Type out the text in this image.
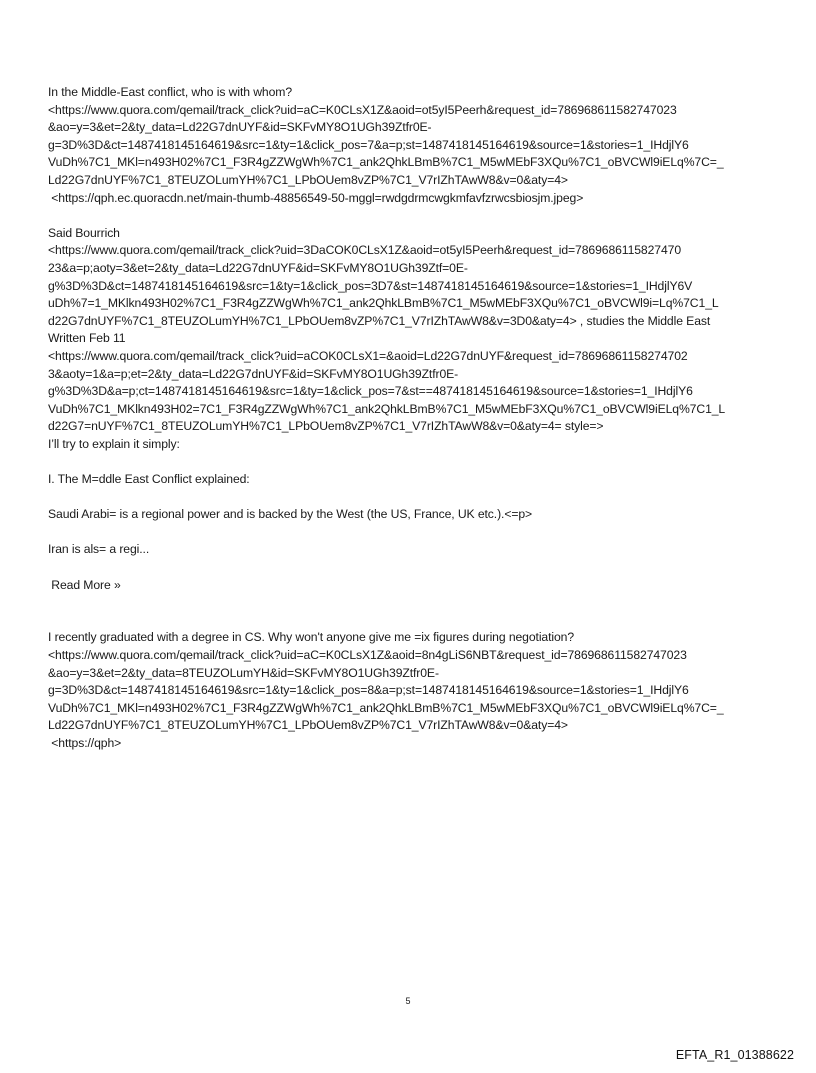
In the Middle-East conflict, who is with whom?
<https://www.quora.com/qemail/track_click?uid=aC=K0CLsX1Z&aoid=ot5yI5Peerh&request_id=786968611582747023
&ao=y=3&et=2&ty_data=Ld22G7dnUYF&id=SKFvMY8O1UGh39Ztfr0E-
g=3D%3D&ct=1487418145164619&src=1&ty=1&click_pos=7&a=p;st=1487418145164619&source=1&stories=1_IHdjlY6
VuDh%7C1_MKl=n493H02%7C1_F3R4gZZWgWh%7C1_ank2QhkLBmB%7C1_M5wMEbF3XQu%7C1_oBVCWl9iELq%7C=_
Ld22G7dnUYF%7C1_8TEUZOLumYH%7C1_LPbOUem8vZP%7C1_V7rIZhTAwW8&v=0&aty=4>
<https://qph.ec.quoracdn.net/main-thumb-48856549-50-mggl=rwdgdrmcwgkmfavfzrwcsbiosjm.jpeg>
Said Bourrich
<https://www.quora.com/qemail/track_click?uid=3DaCOK0CLsX1Z&aoid=ot5yI5Peerh&request_id=7869686115827470
23&a=p;aoty=3&et=2&ty_data=Ld22G7dnUYF&id=SKFvMY8O1UGh39Ztf=0E-
g%3D%3D&ct=1487418145164619&src=1&ty=1&click_pos=3D7&st=1487418145164619&source=1&stories=1_IHdjlY6V
uDh%7=1_MKlkn493H02%7C1_F3R4gZZWgWh%7C1_ank2QhkLBmB%7C1_M5wMEbF3XQu%7C1_oBVCWl9i=Lq%7C1_L
d22G7dnUYF%7C1_8TEUZOLumYH%7C1_LPbOUem8vZP%7C1_V7rIZhTAwW8&v=3D0&aty=4> , studies the Middle East
Written Feb 11
<https://www.quora.com/qemail/track_click?uid=aCOK0CLsX1=&aoid=Ld22G7dnUYF&request_id=78696861158274702
3&aoty=1&a=p;et=2&ty_data=Ld22G7dnUYF&id=SKFvMY8O1UGh39Ztfr0E-
g%3D%3D&a=p;ct=1487418145164619&src=1&ty=1&click_pos=7&st==487418145164619&source=1&stories=1_IHdjlY6
VuDh%7C1_MKlkn493H02=7C1_F3R4gZZWgWh%7C1_ank2QhkLBmB%7C1_M5wMEbF3XQu%7C1_oBVCWl9iELq%7C1_L
d22G7=nUYF%7C1_8TEUZOLumYH%7C1_LPbOUem8vZP%7C1_V7rIZhTAwW8&v=0&aty=4= style=>
I’ll try to explain it simply:
I. The M=ddle East Conflict explained:
Saudi Arabi= is a regional power and is backed by the West (the US, France, UK etc.).<=p>
Iran is als= a regi...
Read More »
I recently graduated with a degree in CS. Why won't anyone give me =ix figures during negotiation?
<https://www.quora.com/qemail/track_click?uid=aC=K0CLsX1Z&aoid=8n4gLiS6NBT&request_id=786968611582747023
&ao=y=3&et=2&ty_data=8TEUZOLumYH&id=SKFvMY8O1UGh39Ztfr0E-
g=3D%3D&ct=1487418145164619&src=1&ty=1&click_pos=8&a=p;st=1487418145164619&source=1&stories=1_IHdjlY6
VuDh%7C1_MKl=n493H02%7C1_F3R4gZZWgWh%7C1_ank2QhkLBmB%7C1_M5wMEbF3XQu%7C1_oBVCWl9iELq%7C=_
Ld22G7dnUYF%7C1_8TEUZOLumYH%7C1_LPbOUem8vZP%7C1_V7rIZhTAwW8&v=0&aty=4>
<https://qph>
5
EFTA_R1_01388622
